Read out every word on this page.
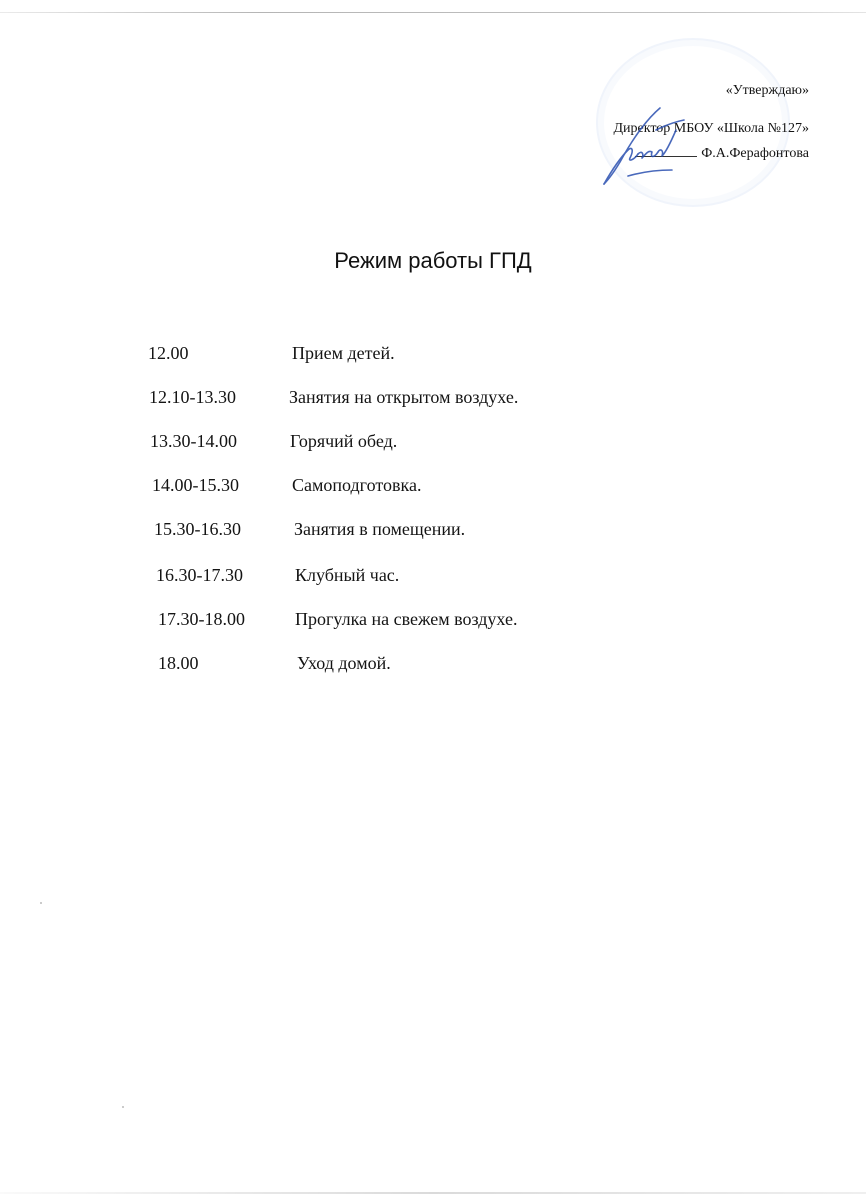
«Утверждаю»
Директор МБОУ «Школа №127»
Ф.А.Ферафонтова
Режим работы ГПД
12.00	Прием детей.
12.10-13.30	Занятия на открытом воздухе.
13.30-14.00	Горячий обед.
14.00-15.30	Самоподготовка.
15.30-16.30	Занятия в помещении.
16.30-17.30	Клубный час.
17.30-18.00	Прогулка на свежем воздухе.
18.00	Уход домой.
